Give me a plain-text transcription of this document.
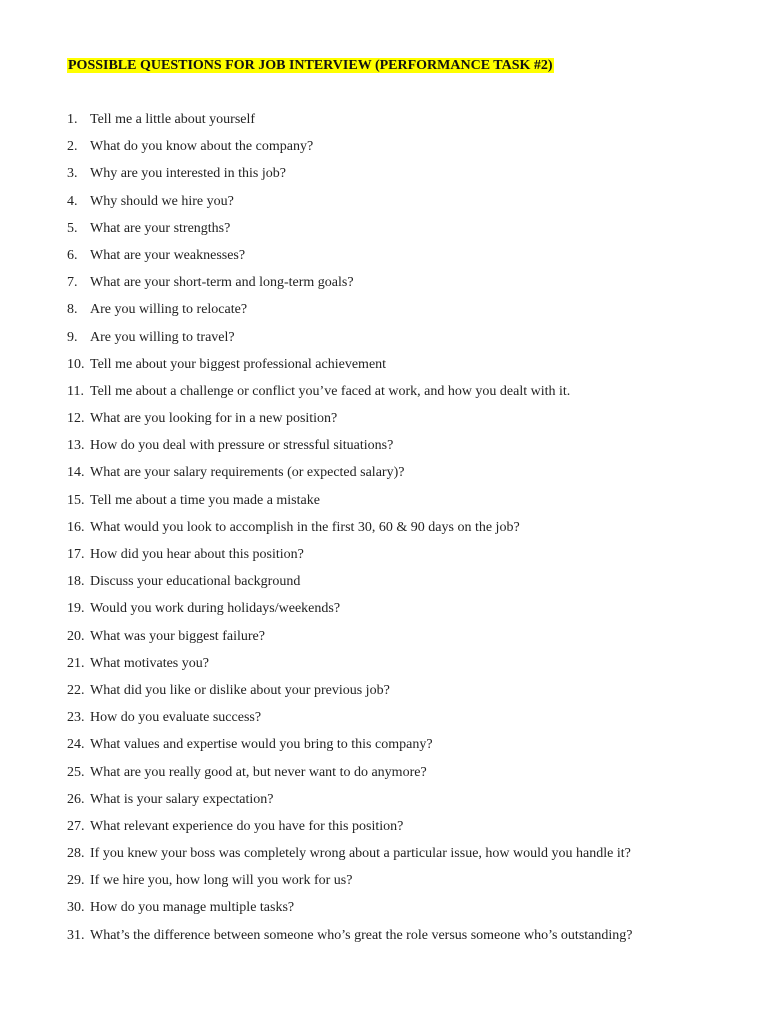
POSSIBLE QUESTIONS FOR JOB INTERVIEW (PERFORMANCE TASK #2)
1. Tell me a little about yourself
2. What do you know about the company?
3. Why are you interested in this job?
4. Why should we hire you?
5. What are your strengths?
6. What are your weaknesses?
7. What are your short-term and long-term goals?
8. Are you willing to relocate?
9. Are you willing to travel?
10. Tell me about your biggest professional achievement
11. Tell me about a challenge or conflict you’ve faced at work, and how you dealt with it.
12. What are you looking for in a new position?
13. How do you deal with pressure or stressful situations?
14. What are your salary requirements (or expected salary)?
15. Tell me about a time you made a mistake
16. What would you look to accomplish in the first 30, 60 & 90 days on the job?
17. How did you hear about this position?
18. Discuss your educational background
19. Would you work during holidays/weekends?
20. What was your biggest failure?
21. What motivates you?
22. What did you like or dislike about your previous job?
23. How do you evaluate success?
24. What values and expertise would you bring to this company?
25. What are you really good at, but never want to do anymore?
26. What is your salary expectation?
27. What relevant experience do you have for this position?
28. If you knew your boss was completely wrong about a particular issue, how would you handle it?
29. If we hire you, how long will you work for us?
30. How do you manage multiple tasks?
31. What’s the difference between someone who’s great the role versus someone who’s outstanding?
